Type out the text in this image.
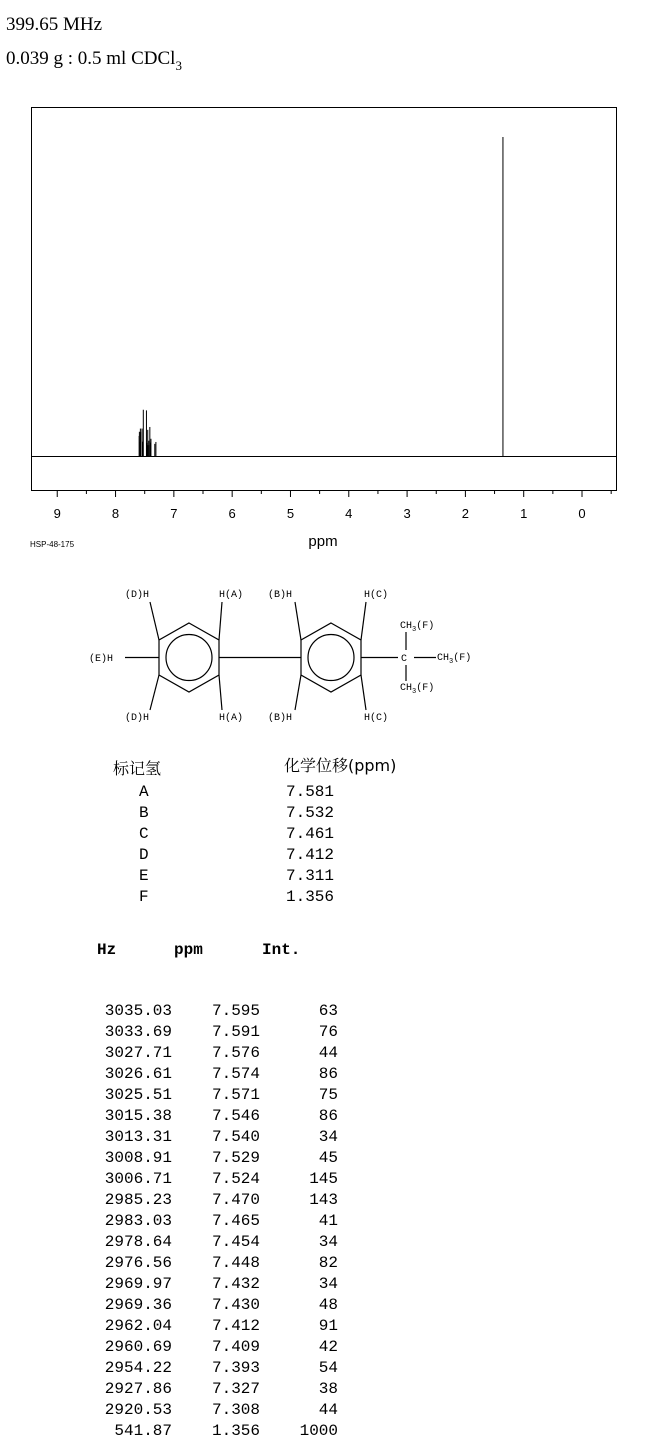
399.65 MHz
0.039 g : 0.5 ml CDCl$_3$
9	8	7	6	5	4	3	2	1	0
HSP-48-175	ppm
(D)H	H(A) (B)H	H(C)
(E)H
(D)H	H(A) (B)H	H(C)
C
$CH_3(F)$
$CH_3(F)$
$CH_3(F)$
标记氢	化学位移(ppm)
A	7.581
B	7.532
C	7.461
D	7.412
E	7.311
F	1.356
Hz	ppm	Int.
3035.03	7.595	63
3033.69	7.591	76
3027.71	7.576	44
3026.61	7.574	86
3025.51	7.571	75
3015.38	7.546	86
3013.31	7.540	34
3008.91	7.529	45
3006.71	7.524	145
2985.23	7.470	143
2983.03	7.465	41
2978.64	7.454	34
2976.56	7.448	82
2969.97	7.432	34
2969.36	7.430	48
2962.04	7.412	91
2960.69	7.409	42
2954.22	7.393	54
2927.86	7.327	38
2920.53	7.308	44
541.87	1.356	1000
